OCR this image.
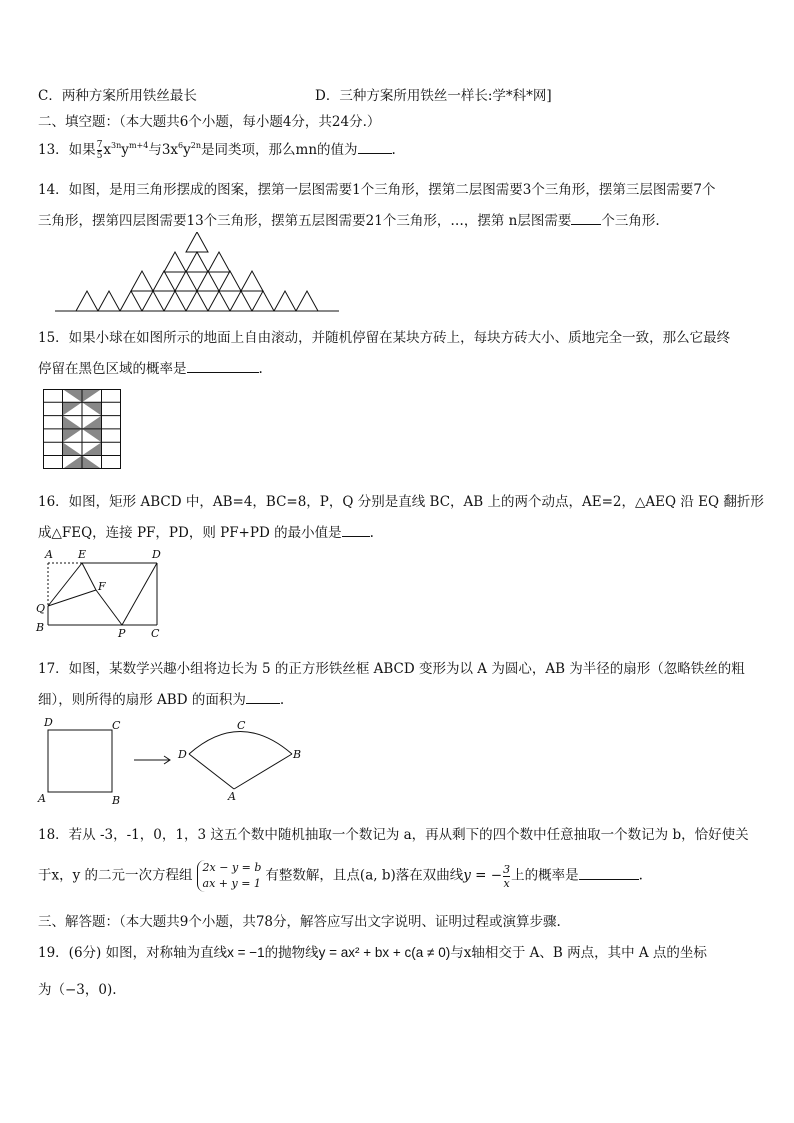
C．两种方案所用铁丝最长	D．三种方案所用铁丝一样长:学*科*网]
二、填空题：（本大题共6个小题，每小题4分，共24分.）
13．如果 $\frac{7}{5} x^{3n}y^{m+4}$与$3x^6y^{2n}$是同类项，那么mn的值为	.
14．如图，是用三角形摆成的图案，摆第一层图需要1个三角形，摆第二层图需要3个三角形，摆第三层图需要7个
三角形，摆第四层图需要13个三角形，摆第五层图需要21个三角形，…，摆第 n层图需要 个三角形.
15．如果小球在如图所示的地面上自由滚动，并随机停留在某块方砖上，每块方砖大小、质地完全一致，那么它最终
停留在黑色区域的概率是	.
16．如图，矩形 ABCD 中，AB=4，BC=8，P，Q 分别是直线 BC，AB 上的两个动点，AE=2，△AEQ 沿 EQ 翻折形
成△FEQ，连接 PF，PD，则 PF+PD 的最小值是 .
A E	D
F
Q
B	P C
17．如图，某数学兴趣小组将边长为 5 的正方形铁丝框 ABCD 变形为以 A 为圆心，AB 为半径的扇形（忽略铁丝的粗
细），则所得的扇形 ABD 的面积为	.
D	C
A	B
C
D	B
A
18．若从 -3，-1，0，1，3 这五个数中随机抽取一个数记为 a，再从剩下的四个数中任意抽取一个数记为 b，恰好使关
于x，y 的二元一次方程组 2x − y = b
ax + y = 1 有整数解，且点(a, b)落在双曲线y = − $\frac{3}{x}$ 上的概率是	.
三、解答题：（本大题共9个小题，共78分，解答应写出文字说明、证明过程或演算步骤.
19．(6分) 如图，对称轴为直线x = −1的抛物线y = ax² + bx + c(a ≠ 0)与x轴相交于 A、B 两点，其中 A 点的坐标
为（−3，0).
